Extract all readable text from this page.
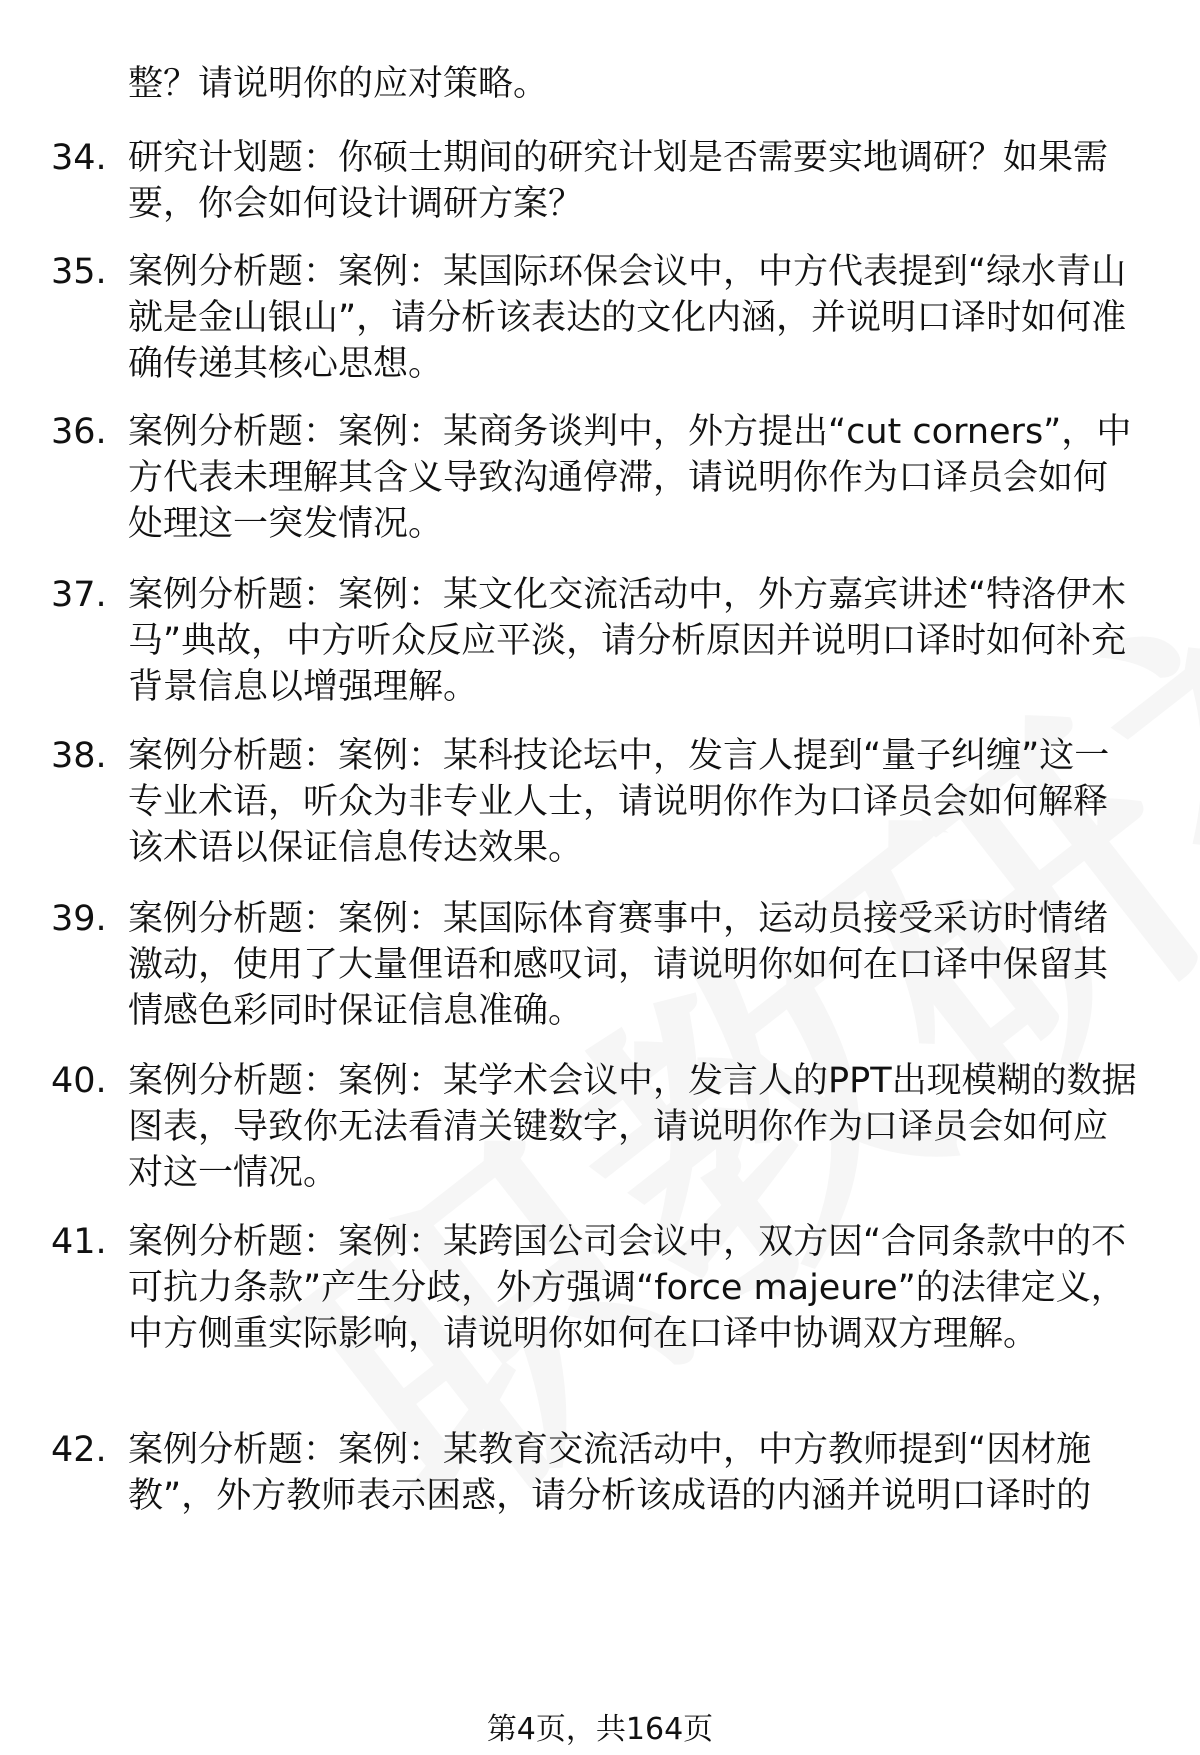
整？请说明你的应对策略。
34. 研究计划题：你硕士期间的研究计划是否需要实地调研？如果需要，你会如何设计调研方案？
35. 案例分析题：案例：某国际环保会议中，中方代表提到“绿水青山就是金山银山”，请分析该表达的文化内涵，并说明口译时如何准确传递其核心思想。
36. 案例分析题：案例：某商务谈判中，外方提出“cut corners”，中方代表未理解其含义导致沟通停滞，请说明你作为口译员会如何处理这一突发情况。
37. 案例分析题：案例：某文化交流活动中，外方嘉宾讲述“特洛伊木马”典故，中方听众反应平淡，请分析原因并说明口译时如何补充背景信息以增强理解。
38. 案例分析题：案例：某科技论坛中，发言人提到“量子纠缠”这一专业术语，听众为非专业人士，请说明你作为口译员会如何解释该术语以保证信息传达效果。
39. 案例分析题：案例：某国际体育赛事中，运动员接受采访时情绪激动，使用了大量俚语和感叹词，请说明你如何在口译中保留其情感色彩同时保证信息准确。
40. 案例分析题：案例：某学术会议中，发言人的PPT出现模糊的数据图表，导致你无法看清关键数字，请说明你作为口译员会如何应对这一情况。
41. 案例分析题：案例：某跨国公司会议中，双方因“合同条款中的不可抗力条款”产生分歧，外方强调“force majeure”的法律定义，中方侧重实际影响，请说明你如何在口译中协调双方理解。
42. 案例分析题：案例：某教育交流活动中，中方教师提到“因材施教”，外方教师表示困惑，请分析该成语的内涵并说明口译时的
第4页，共164页
